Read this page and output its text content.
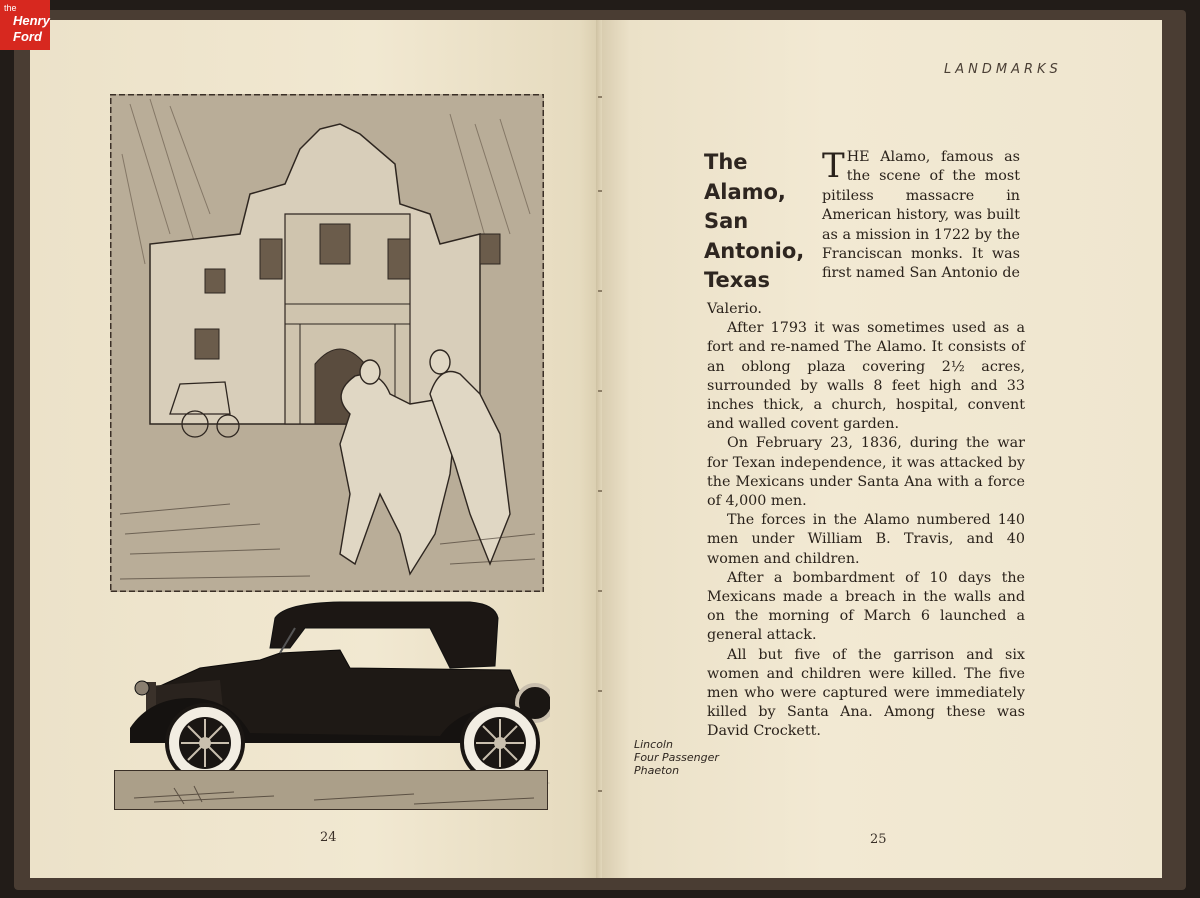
24
LANDMARKS
The
Alamo,
San
Antonio,
Texas
THE Alamo, famous as the scene of the most pitiless massacre in American history, was built as a mission in 1722 by the Franciscan monks. It was first named San Antonio de

Valerio.

After 1793 it was sometimes used as a fort and re-named The Alamo. It consists of an oblong plaza covering 2½ acres, surrounded by walls 8 feet high and 33 inches thick, a church, hospital, convent and walled covent garden.

On February 23, 1836, during the war for Texan independence, it was attacked by the Mexicans under Santa Ana with a force of 4,000 men.

The forces in the Alamo numbered 140 men under William B. Travis, and 40 women and children.

After a bombardment of 10 days the Mexicans made a breach in the walls and on the morning of March 6 launched a general attack.

All but five of the garrison and six women and children were killed. The five men who were captured were immediately killed by Santa Ana. Among these was David Crockett.

Lincoln
Four Passenger
Phaeton
25
the
Henry
Ford
